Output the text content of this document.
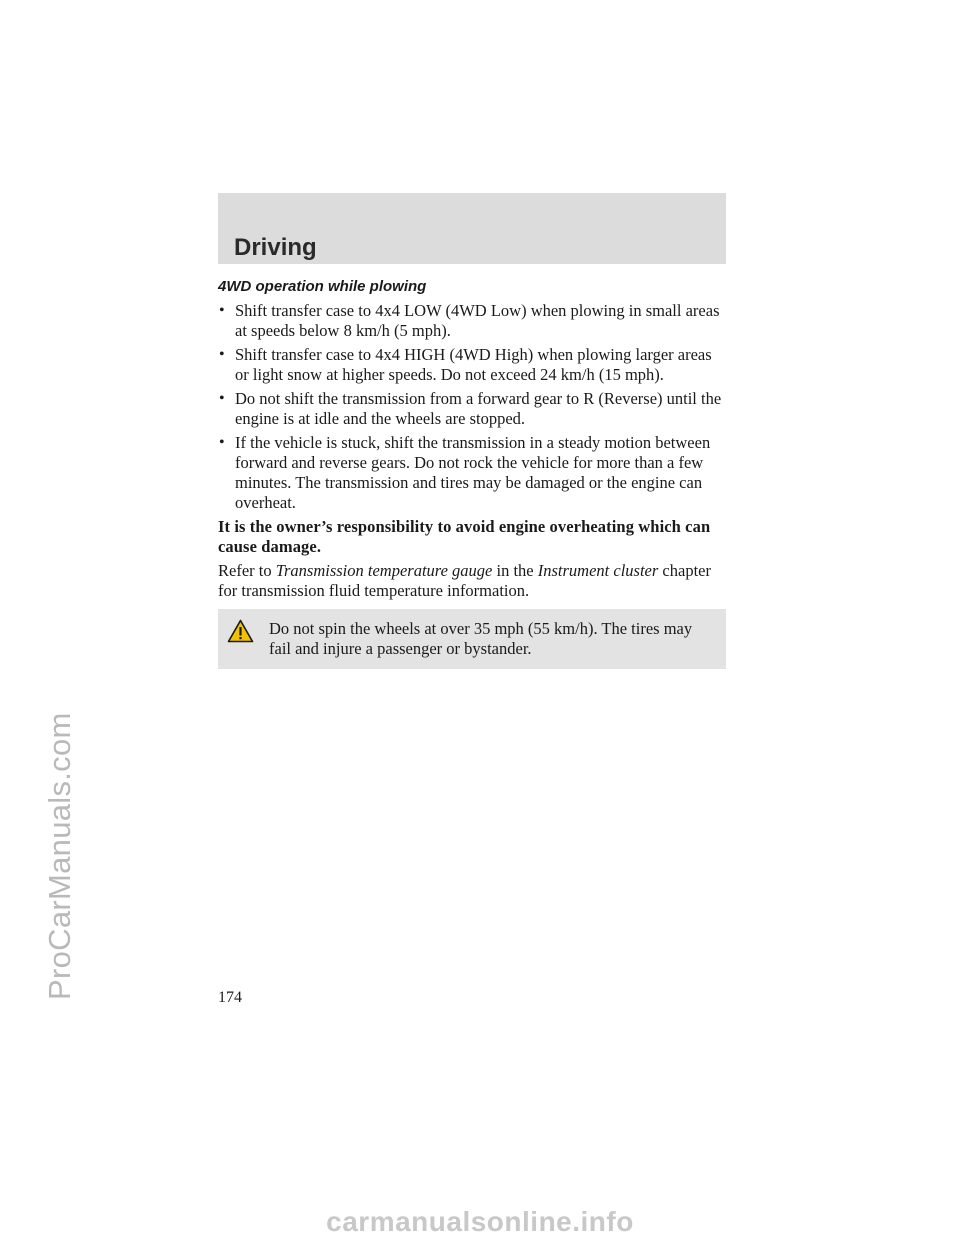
ProCarManuals.com
Driving
4WD operation while plowing
• Shift transfer case to 4x4 LOW (4WD Low) when plowing in small areas at speeds below 8 km/h (5 mph).
• Shift transfer case to 4x4 HIGH (4WD High) when plowing larger areas or light snow at higher speeds. Do not exceed 24 km/h (15 mph).
• Do not shift the transmission from a forward gear to R (Reverse) until the engine is at idle and the wheels are stopped.
• If the vehicle is stuck, shift the transmission in a steady motion between forward and reverse gears. Do not rock the vehicle for more than a few minutes. The transmission and tires may be damaged or the engine can overheat.

It is the owner’s responsibility to avoid engine overheating which can cause damage.

Refer to Transmission temperature gauge in the Instrument cluster chapter for transmission fluid temperature information.

Do not spin the wheels at over 35 mph (55 km/h). The tires may fail and injure a passenger or bystander.
174
carmanualsonline.info
